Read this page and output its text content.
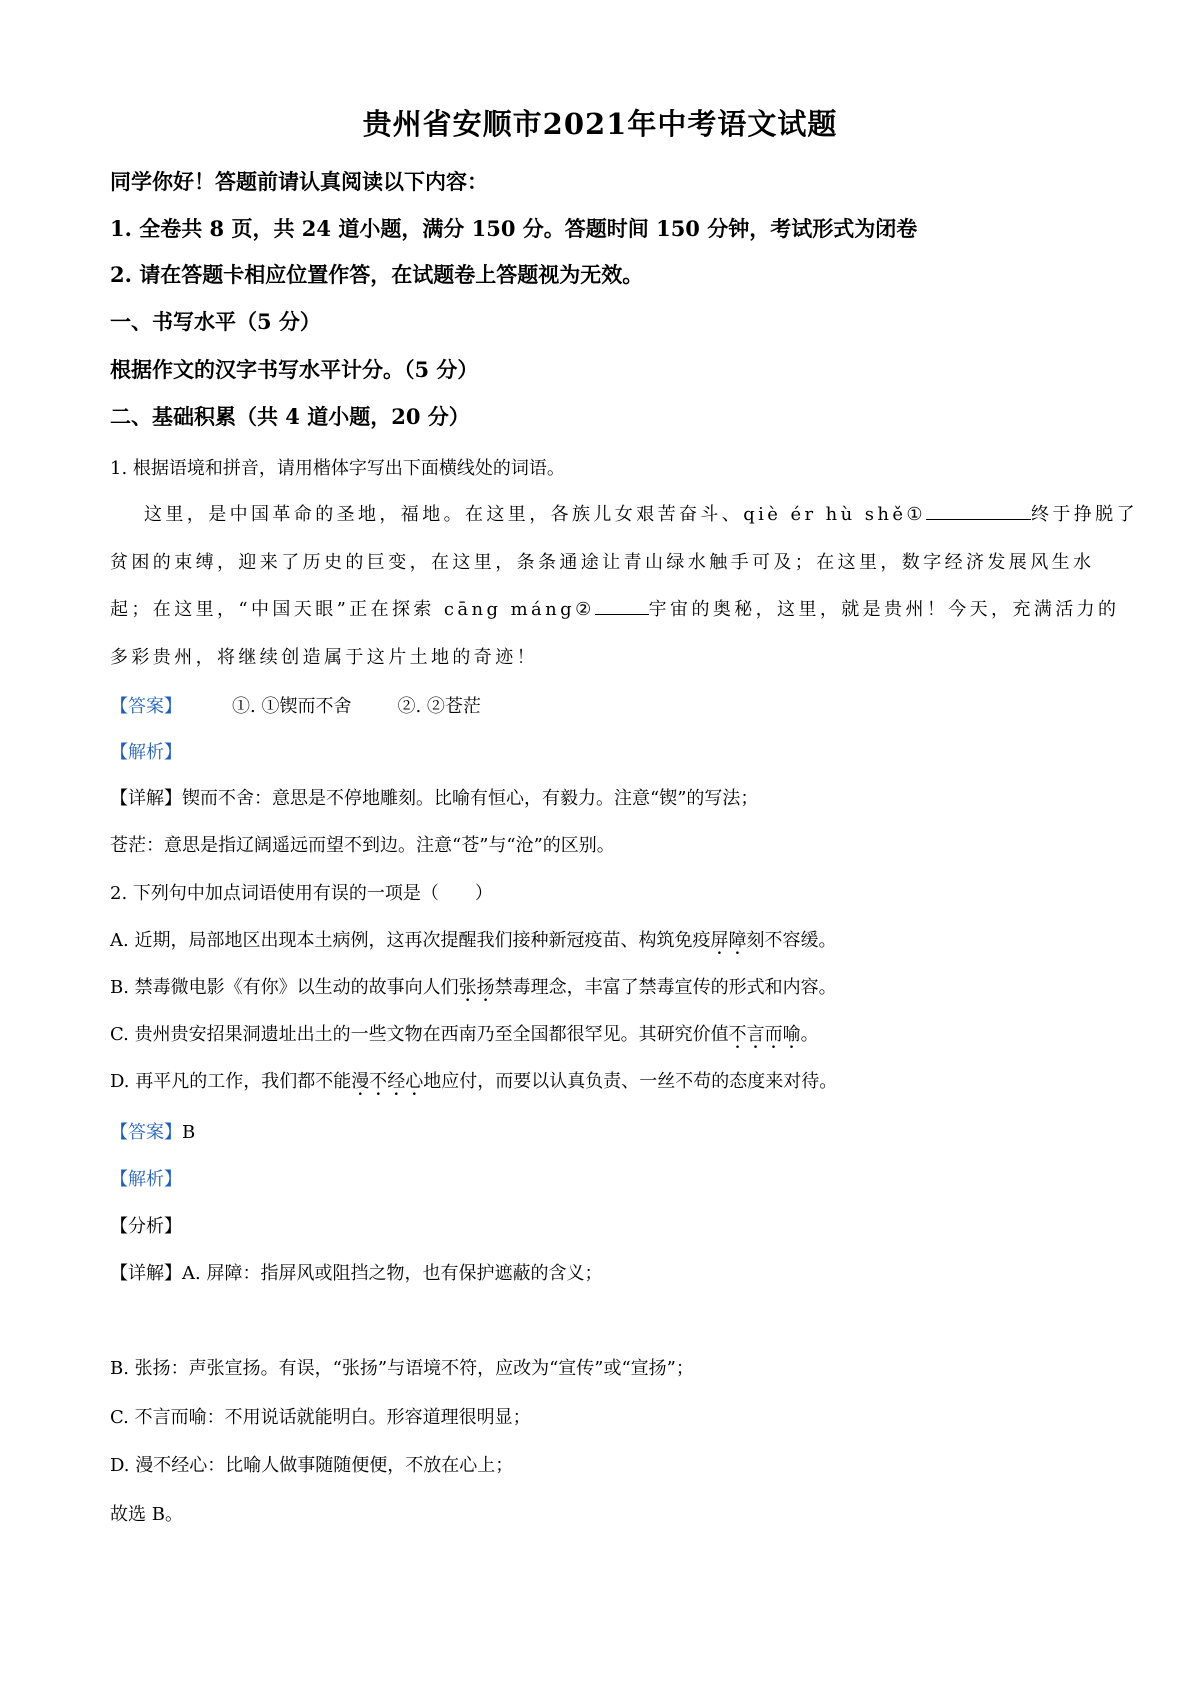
贵州省安顺市2021年中考语文试题
同学你好！答题前请认真阅读以下内容：
1. 全卷共 8 页，共 24 道小题，满分 150 分。答题时间 150 分钟，考试形式为闭卷
2. 请在答题卡相应位置作答，在试题卷上答题视为无效。
一、书写水平（5 分）
根据作文的汉字书写水平计分。（5 分）
二、基础积累（共 4 道小题，20 分）
1. 根据语境和拼音，请用楷体字写出下面横线处的词语。
这里，是中国革命的圣地，福地。在这里，各族儿女艰苦奋斗、qiè ér hù shě①	终于挣脱了
贫困的束缚，迎来了历史的巨变，在这里，条条通途让青山绿水触手可及；在这里，数字经济发展风生水
起；在这里，“中国天眼”正在探索 cāng máng②	宇宙的奥秘，这里，就是贵州！今天，充满活力的
多彩贵州，将继续创造属于这片土地的奇迹！
【答案】	①. ①锲而不舍	②. ②苍茫
【解析】
【详解】锲而不舍：意思是不停地雕刻。比喻有恒心，有毅力。注意“锲”的写法；
苍茫：意思是指辽阔遥远而望不到边。注意“苍”与“沧”的区别。
2. 下列句中加点词语使用有误的一项是（　　）
A. 近期，局部地区出现本土病例，这再次提醒我们接种新冠疫苗、构筑免疫屏障刻不容缓。
B. 禁毒微电影《有你》以生动的故事向人们张扬禁毒理念，丰富了禁毒宣传的形式和内容。
C. 贵州贵安招果洞遗址出土的一些文物在西南乃至全国都很罕见。其研究价值不言而喻。
D. 再平凡的工作，我们都不能漫不经心地应付，而要以认真负责、一丝不苟的态度来对待。
【答案】B
【解析】
【分析】
【详解】A. 屏障：指屏风或阻挡之物，也有保护遮蔽的含义；
B. 张扬：声张宣扬。有误，“张扬”与语境不符，应改为“宣传”或“宣扬”；
C. 不言而喻：不用说话就能明白。形容道理很明显；
D. 漫不经心：比喻人做事随随便便，不放在心上；
故选 B。
